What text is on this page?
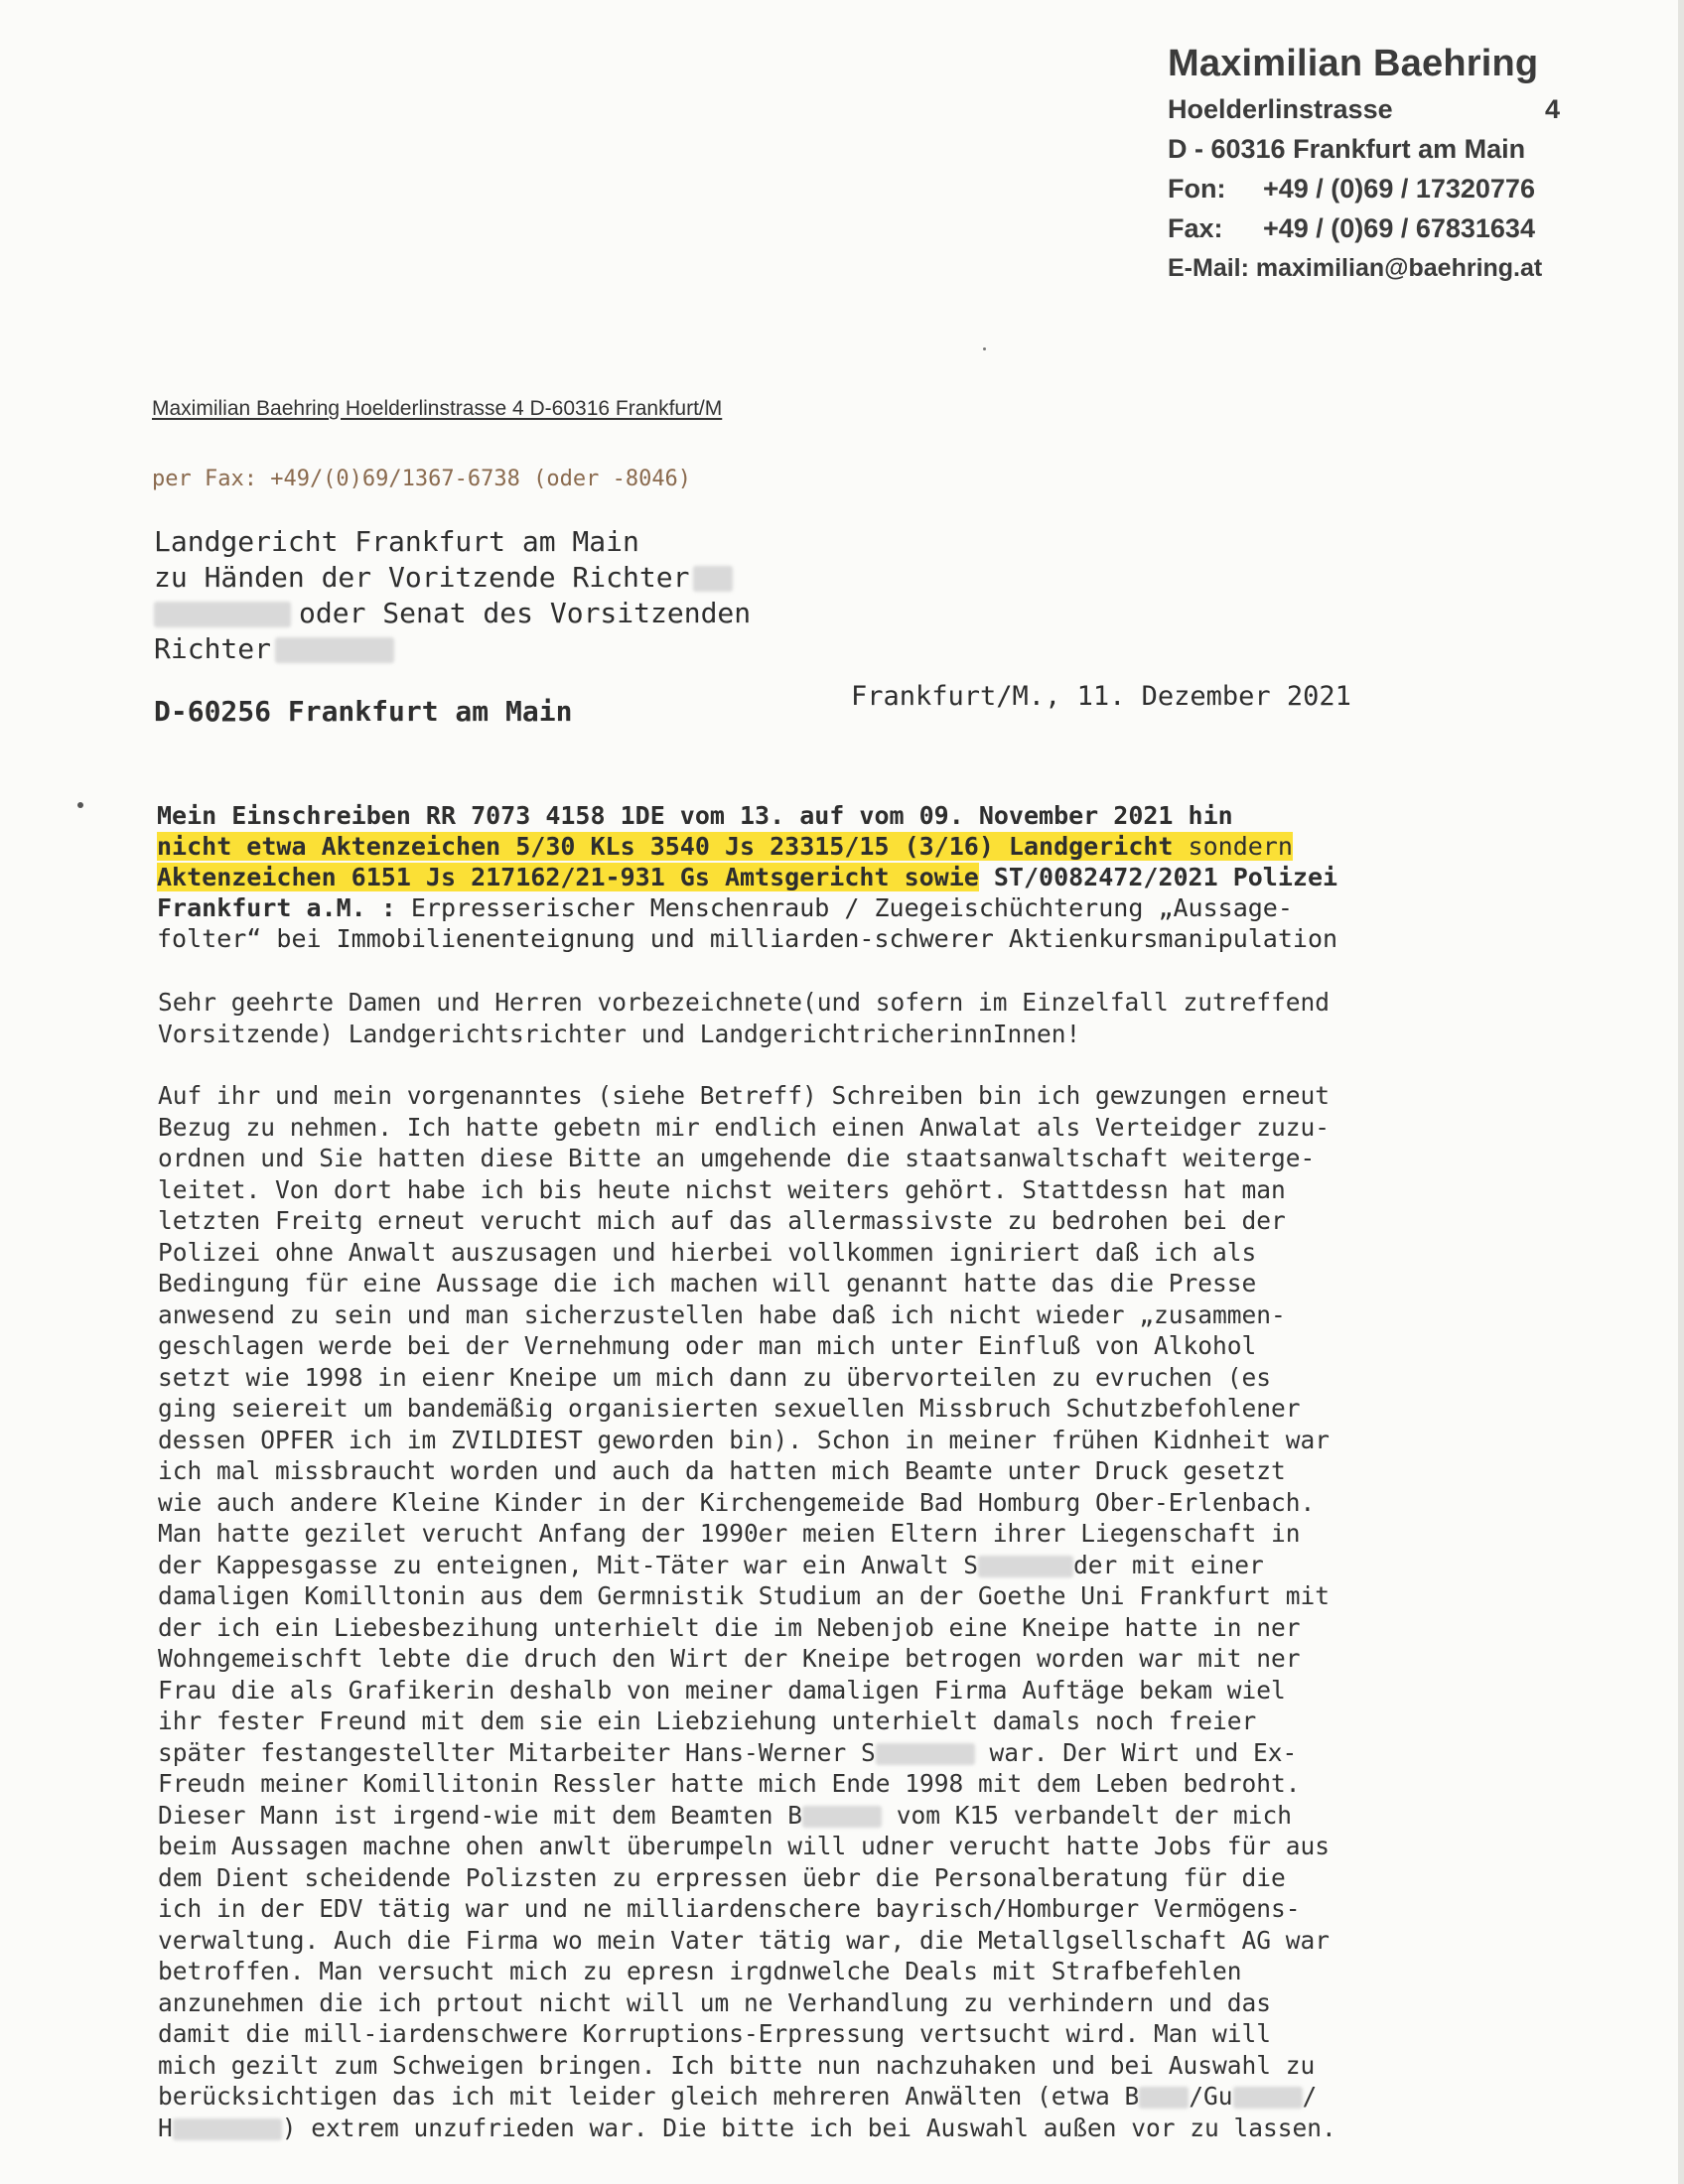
Maximilian Baehring
Hoelderlinstrasse	4
D - 60316 Frankfurt am Main
Fon:	+49 / (0)69 / 17320776
Fax:	+49 / (0)69 / 67831634
E-Mail: maximilian@baehring.at
Maximilian Baehring Hoelderlinstrasse 4 D-60316 Frankfurt/M
per Fax: +49/(0)69/1367-6738 (oder -8046)
Landgericht Frankfurt am Main
zu Händen der Voritzende Richter
oder Senat des Vorsitzenden
Richter
D-60256 Frankfurt am Main	Frankfurt/M., 11. Dezember 2021
Mein Einschreiben RR 7073 4158 1DE vom 13. auf vom 09. November 2021 hin
nicht etwa Aktenzeichen 5/30 KLs 3540 Js 23315/15 (3/16) Landgericht sondern
Aktenzeichen 6151 Js 217162/21-931 Gs Amtsgericht sowie ST/0082472/2021 Polizei
Frankfurt a.M. : Erpresserischer Menschenraub / Zuegeischüchterung „Aussage-
folter“ bei Immobilienenteignung und milliarden-schwerer Aktienkursmanipulation
Sehr geehrte Damen und Herren vorbezeichnete(und sofern im Einzelfall zutreffend
Vorsitzende) Landgerichtsrichter und LandgerichtricherinnInnen!
Auf ihr und mein vorgenanntes (siehe Betreff) Schreiben bin ich gewzungen erneut
Bezug zu nehmen. Ich hatte gebetn mir endlich einen Anwalat als Verteidger zuzu-
ordnen und Sie hatten diese Bitte an umgehende die staatsanwaltschaft weiterge-
leitet. Von dort habe ich bis heute nichst weiters gehört. Stattdessn hat man
letzten Freitg erneut veruсht mich auf das allermassivste zu bedrohen bei der
Polizei ohne Anwalt auszusagen und hierbei vollkommen igniriert daß ich als
Bedingung für eine Aussage die ich machen will genannt hatte das die Presse
anwesend zu sein und man sicherzustellen habe daß ich nicht wieder „zusammen-
geschlagen werde bei der Vernehmung oder man mich unter Einfluß von Alkohol
setzt wie 1998 in eienr Kneipe um mich dann zu übervorteilen zu evruchen (es
ging seiereit um bandemäßig organisierten sexuellen Missbruch Schutzbefohlener
dessen OPFER ich im ZVILDIEST geworden bin). Schon in meiner frühen Kidnheit war
ich mal missbraucht worden und auch da hatten mich Beamte unter Druck gesetzt
wie auch andere Kleine Kinder in der Kirchengemeide Bad Homburg Ober-Erlenbach.
Man hatte gezilet veruсht Anfang der 1990er meien Eltern ihrer Liegenschaft in
der Kappesgasse zu enteignen, Mit-Täter war ein Anwalt S	der mit einer
damaligen Komilltonin aus dem Germnistik Studium an der Goethe Uni Frankfurt mit
der ich ein Liebesbezihung unterhielt die im Nebenjob eine Kneipe hatte in ner
Wohngemeischft lebte die druch den Wirt der Kneipe betrogen worden war mit ner
Frau die als Grafikerin deshalb von meiner damaligen Firma Auftäge bekam wiel
ihr fester Freund mit dem sie ein Liebziehung unterhielt damals noch freier
später festangestellter Mitarbeiter Hans-Werner S	war. Der Wirt und Ex-
Freudn meiner Komillitonin Ressler hatte mich Ende 1998 mit dem Leben bedroht.
Dieser Mann ist irgend-wie mit dem Beamten B	vom K15 verbandelt der mich
beim Aussagen machne ohen anwlt überumpeln will udner veruсht hatte Jobs für aus
dem Dient scheidende Polizsten zu erpressen üebr die Personalberatung für die
ich in der EDV tätig war und ne milliardenschere bayrisch/Homburger Vermögens-
verwaltung. Auch die Firma wo mein Vater tätig war, die Metallgsellschaft AG war
betroffen. Man versucht mich zu epresn irgdnwelche Deals mit Strafbefehlen
anzunehmen die ich prtout nicht will um ne Verhandlung zu verhindern und das
damit die mill-iardenschwere Korruptions-Erpressung vertsucht wird. Man will
mich gezilt zum Schweigen bringen. Ich bitte nun nachzuhaken und bei Auswahl zu
berücksichtigen das ich mit leider gleich mehreren Anwälten (etwa B /Gu	/
H	) extrem unzufrieden war. Die bitte ich bei Auswahl außen vor zu lassen.
